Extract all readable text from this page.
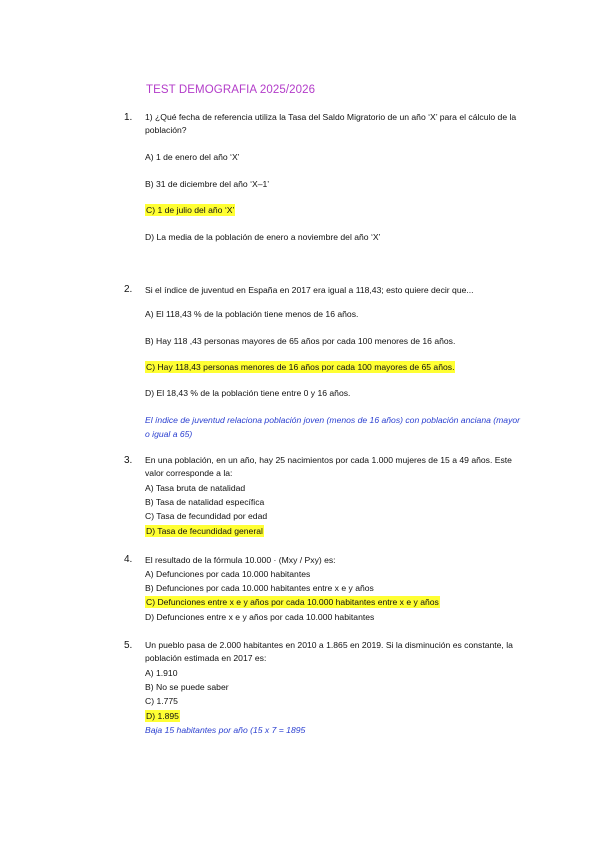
TEST DEMOGRAFIA 2025/2026
1. 1) ¿Qué fecha de referencia utiliza la Tasa del Saldo Migratorio de un año ‘X’ para el cálculo de la población?
A) 1 de enero del año ‘X’
B) 31 de diciembre del año ‘X–1’
C) 1 de julio del año ‘X’
D) La media de la población de enero a noviembre del año ‘X’
2. Si el índice de juventud en España en 2017 era igual a 118,43; esto quiere decir que...
A) El 118,43 % de la población tiene menos de 16 años.
B) Hay 118 ,43 personas mayores de 65 años por cada 100 menores de 16 años.
C) Hay 118,43 personas menores de 16 años por cada 100 mayores de 65 años.
D) El 18,43 % de la población tiene entre 0 y 16 años.
El índice de juventud relaciona población joven (menos de 16 años) con población anciana (mayor o igual a 65)
3. En una población, en un año, hay 25 nacimientos por cada 1.000 mujeres de 15 a 49 años. Este valor corresponde a la:
A) Tasa bruta de natalidad
B) Tasa de natalidad específica
C) Tasa de fecundidad por edad
D) Tasa de fecundidad general
4. El resultado de la fórmula 10.000 · (Mxy / Pxy) es:
A) Defunciones por cada 10.000 habitantes
B) Defunciones por cada 10.000 habitantes entre x e y años
C) Defunciones entre x e y años por cada 10.000 habitantes entre x e y años
D) Defunciones entre x e y años por cada 10.000 habitantes
5. Un pueblo pasa de 2.000 habitantes en 2010 a 1.865 en 2019. Si la disminución es constante, la población estimada en 2017 es:
A) 1.910
B) No se puede saber
C) 1.775
D) 1.895
Baja 15 habitantes por año (15 x 7 = 1895
